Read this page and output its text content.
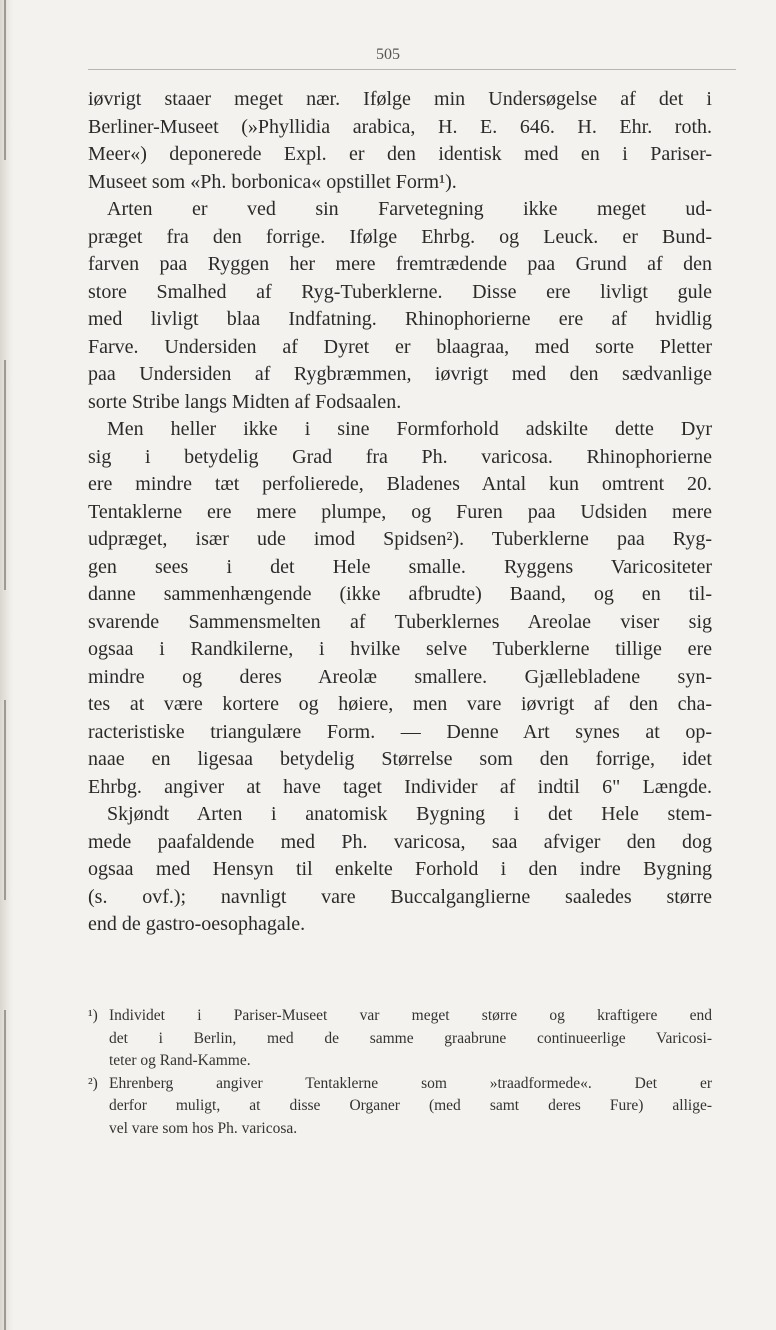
505
iøvrigt staaer meget nær. Ifølge min Undersøgelse af det i
Berliner-Museet (»Phyllidia arabica, H. E. 646. H. Ehr. roth.
Meer«) deponerede Expl. er den identisk med en i Pariser-
Museet som «Ph. borbonica« opstillet Form¹).
Arten er ved sin Farvetegning ikke meget ud-
præget fra den forrige. Ifølge Ehrbg. og Leuck. er Bund-
farven paa Ryggen her mere fremtrædende paa Grund af den
store Smalhed af Ryg-Tuberklerne. Disse ere livligt gule
med livligt blaa Indfatning. Rhinophorierne ere af hvidlig
Farve. Undersiden af Dyret er blaagraa, med sorte Pletter
paa Undersiden af Rygbræmmen, iøvrigt med den sædvanlige
sorte Stribe langs Midten af Fodsaalen.
Men heller ikke i sine Formforhold adskilte dette Dyr
sig i betydelig Grad fra Ph. varicosa. Rhinophorierne
ere mindre tæt perfolierede, Bladenes Antal kun omtrent 20.
Tentaklerne ere mere plumpe, og Furen paa Udsiden mere
udpræget, især ude imod Spidsen²). Tuberklerne paa Ryg-
gen sees i det Hele smalle. Ryggens Varicositeter
danne sammenhængende (ikke afbrudte) Baand, og en til-
svarende Sammensmelten af Tuberklernes Areolae viser sig
ogsaa i Randkilerne, i hvilke selve Tuberklerne tillige ere
mindre og deres Areolæ smallere. Gjællebladene syn-
tes at være kortere og høiere, men vare iøvrigt af den cha-
racteristiske triangulære Form. — Denne Art synes at op-
naae en ligesaa betydelig Størrelse som den forrige, idet
Ehrbg. angiver at have taget Individer af indtil 6" Længde.
Skjøndt Arten i anatomisk Bygning i det Hele stem-
mede paafaldende med Ph. varicosa, saa afviger den dog
ogsaa med Hensyn til enkelte Forhold i den indre Bygning
(s. ovf.); navnligt vare Buccalganglierne saaledes større
end de gastro-oesophagale.
¹) Individet i Pariser-Museet var meget større og kraftigere end
det i Berlin, med de samme graabrune continueerlige Varicosi-
teter og Rand-Kamme.
²) Ehrenberg angiver Tentaklerne som »traadformede«. Det er
derfor muligt, at disse Organer (med samt deres Fure) allige-
vel vare som hos Ph. varicosa.
